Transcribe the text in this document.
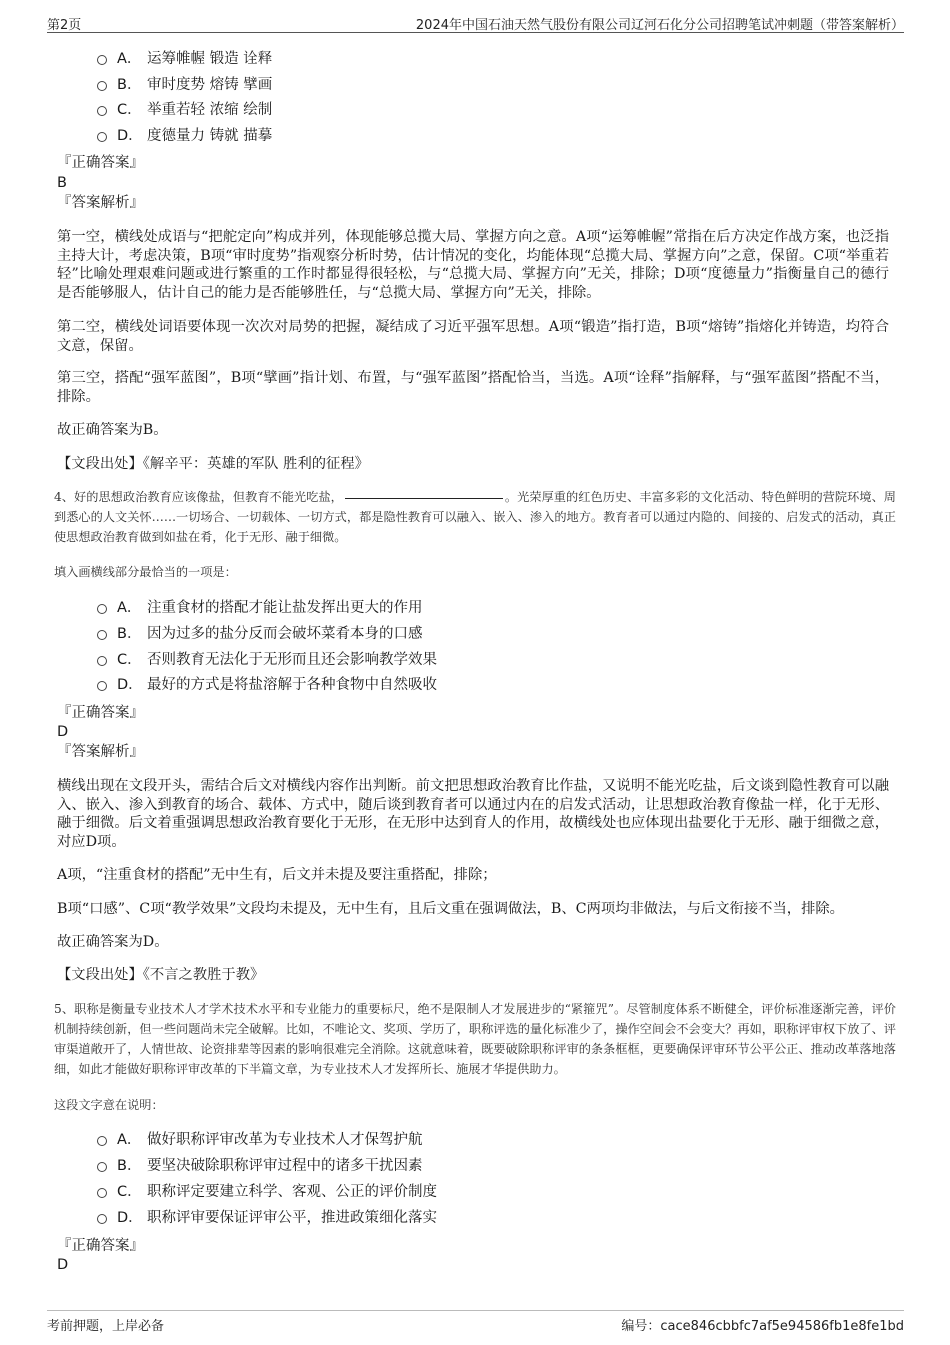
第2页	2024年中国石油天然气股份有限公司辽河石化分公司招聘笔试冲刺题（带答案解析）
A． 运筹帷幄 锻造 诠释
B． 审时度势 熔铸 擘画
C． 举重若轻 浓缩 绘制
D． 度德量力 铸就 描摹
『正确答案』
B
『答案解析』

第一空，横线处成语与“把舵定向”构成并列，体现能够总揽大局、掌握方向之意。A项“运筹帷幄”常指在后方决定作战方案，也泛指主持大计，考虑决策，B项“审时度势”指观察分析时势，估计情况的变化，均能体现“总揽大局、掌握方向”之意，保留。C项“举重若轻”比喻处理艰难问题或进行繁重的工作时都显得很轻松，与“总揽大局、掌握方向”无关，排除；D项“度德量力”指衡量自己的德行是否能够服人，估计自己的能力是否能够胜任，与“总揽大局、掌握方向”无关，排除。

第二空，横线处词语要体现一次次对局势的把握，凝结成了习近平强军思想。A项“锻造”指打造，B项“熔铸”指熔化并铸造，均符合文意，保留。

第三空，搭配“强军蓝图”，B项“擘画”指计划、布置，与“强军蓝图”搭配恰当，当选。A项“诠释”指解释，与“强军蓝图”搭配不当，排除。

故正确答案为B。

【文段出处】《解辛平：英雄的军队 胜利的征程》

4、好的思想政治教育应该像盐，但教育不能光吃盐，	。光荣厚重的红色历史、丰富多彩的文化活动、特色鲜明的营院环境、周到悉心的人文关怀……一切场合、一切载体、一切方式，都是隐性教育可以融入、嵌入、渗入的地方。教育者可以通过内隐的、间接的、启发式的活动，真正使思想政治教育做到如盐在肴，化于无形、融于细微。

填入画横线部分最恰当的一项是：
A． 注重食材的搭配才能让盐发挥出更大的作用
B． 因为过多的盐分反而会破坏菜肴本身的口感
C． 否则教育无法化于无形而且还会影响教学效果
D． 最好的方式是将盐溶解于各种食物中自然吸收
『正确答案』
D
『答案解析』

横线出现在文段开头，需结合后文对横线内容作出判断。前文把思想政治教育比作盐，又说明不能光吃盐，后文谈到隐性教育可以融入、嵌入、渗入到教育的场合、载体、方式中，随后谈到教育者可以通过内在的启发式活动，让思想政治教育像盐一样，化于无形、融于细微。后文着重强调思想政治教育要化于无形，在无形中达到育人的作用，故横线处也应体现出盐要化于无形、融于细微之意，对应D项。

A项，“注重食材的搭配”无中生有，后文并未提及要注重搭配，排除；

B项“口感”、C项“教学效果”文段均未提及，无中生有，且后文重在强调做法，B、C两项均非做法，与后文衔接不当，排除。

故正确答案为D。

【文段出处】《不言之教胜于教》

5、职称是衡量专业技术人才学术技术水平和专业能力的重要标尺，绝不是限制人才发展进步的“紧箍咒”。尽管制度体系不断健全，评价标准逐渐完善，评价机制持续创新，但一些问题尚未完全破解。比如，不唯论文、奖项、学历了，职称评选的量化标准少了，操作空间会不会变大？再如，职称评审权下放了、评审渠道敞开了，人情世故、论资排辈等因素的影响很难完全消除。这就意味着，既要破除职称评审的条条框框，更要确保评审环节公平公正、推动改革落地落细，如此才能做好职称评审改革的下半篇文章，为专业技术人才发挥所长、施展才华提供助力。

这段文字意在说明：
A． 做好职称评审改革为专业技术人才保驾护航
B． 要坚决破除职称评审过程中的诸多干扰因素
C． 职称评定要建立科学、客观、公正的评价制度
D． 职称评审要保证评审公平，推进政策细化落实
『正确答案』
D
考前押题，上岸必备	编号：cace846cbbfc7af5e94586fb1e8fe1bd
